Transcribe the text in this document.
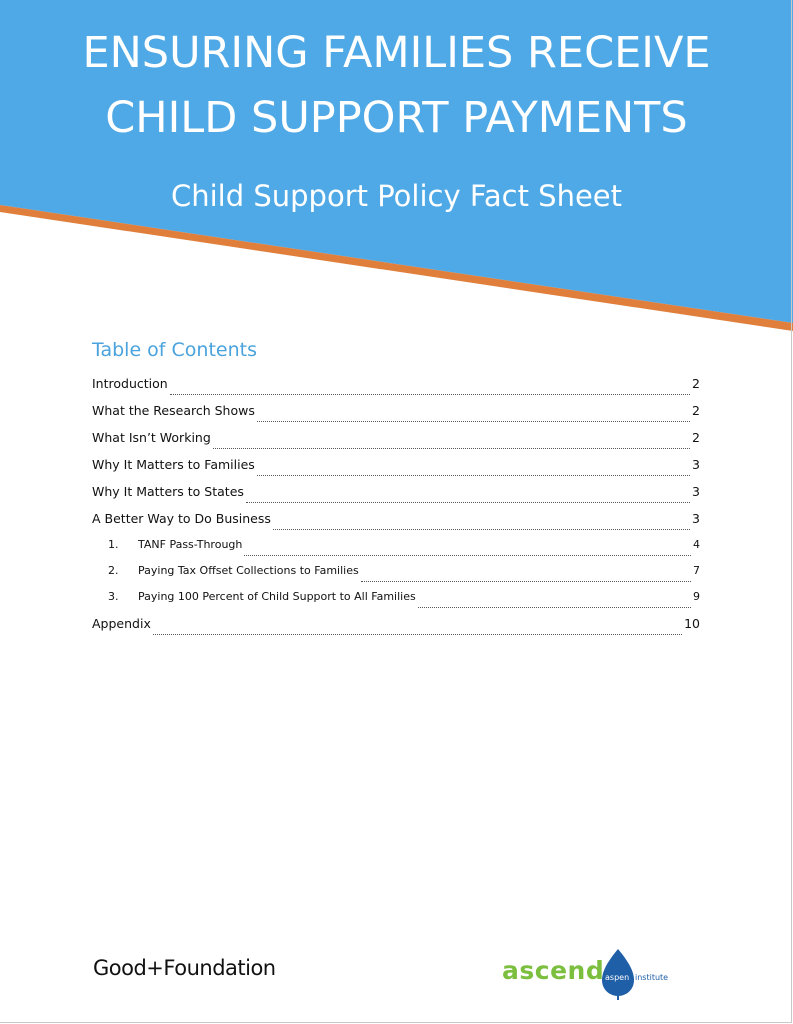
ENSURING FAMILIES RECEIVE
CHILD SUPPORT PAYMENTS
Child Support Policy Fact Sheet
Table of Contents
Introduction	2
What the Research Shows	2
What Isn’t Working	2
Why It Matters to Families	3
Why It Matters to States	3
A Better Way to Do Business	3
1.	TANF Pass-Through	4
2.	Paying Tax Offset Collections to Families	7
3.	Paying 100 Percent of Child Support to All Families	9
Appendix	10
Good+Foundation	ascend aspen institute
